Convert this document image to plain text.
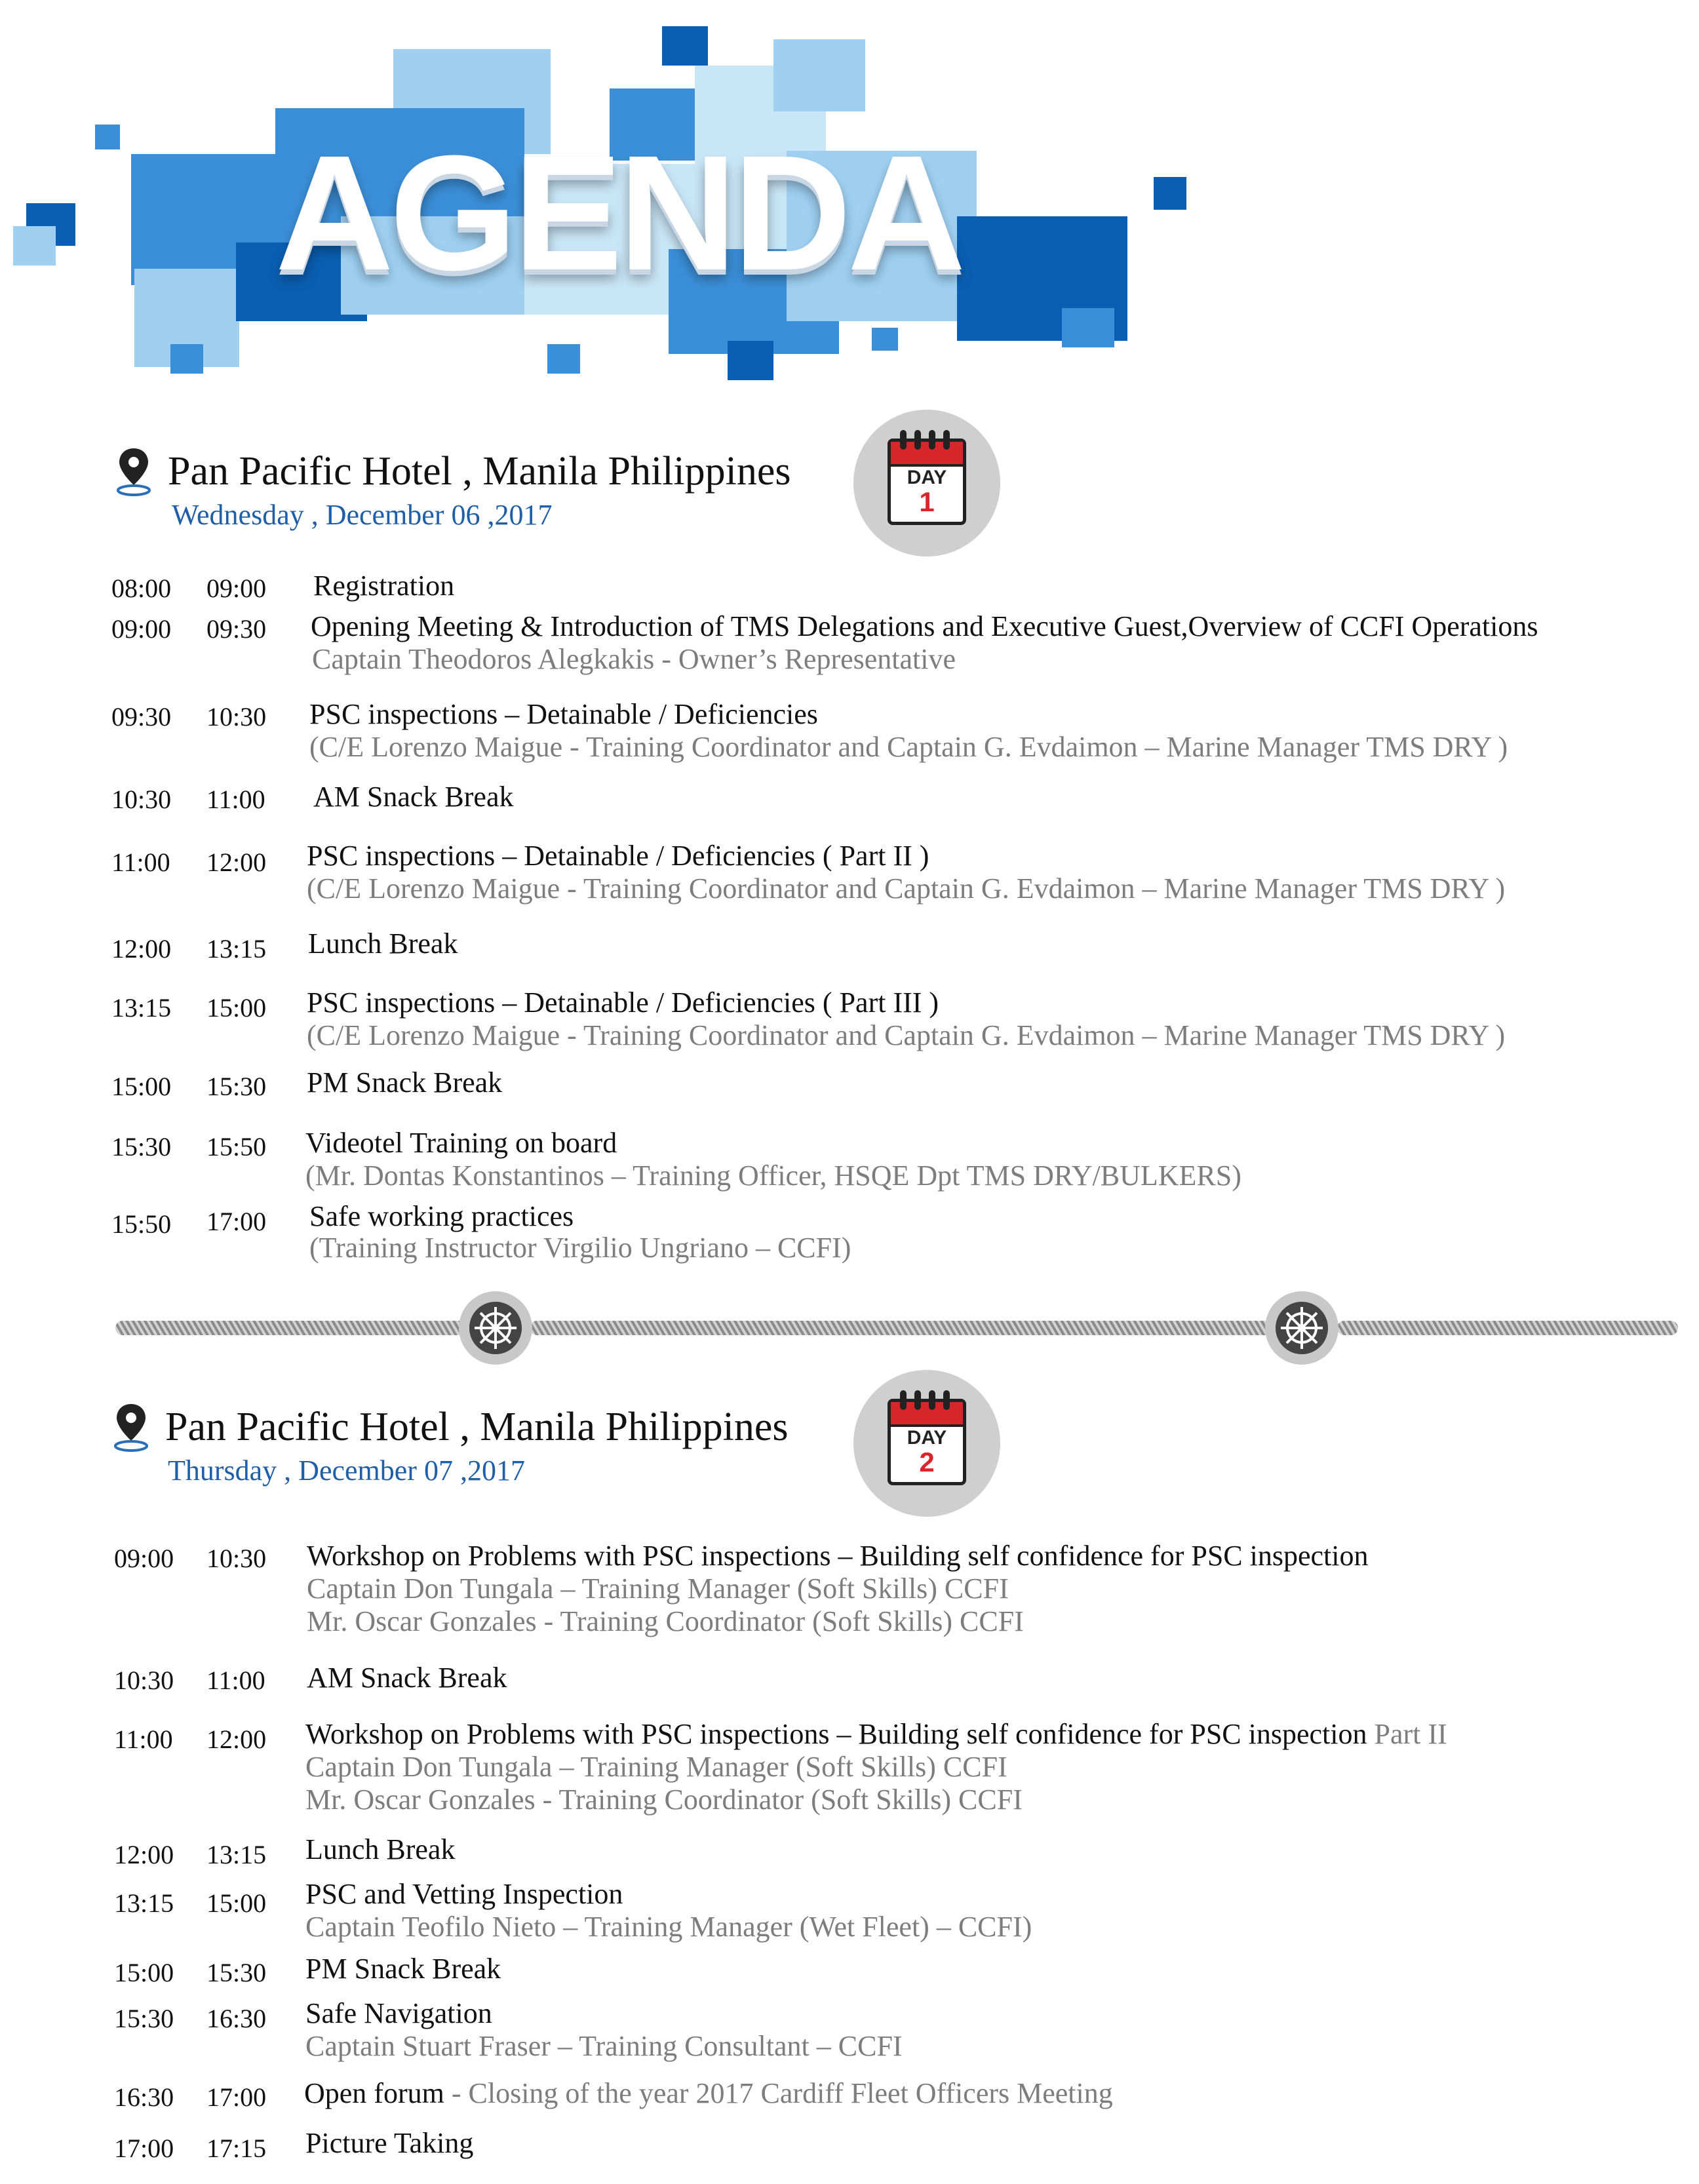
AGENDA
Pan Pacific Hotel , Manila Philippines
Wednesday , December 06 ,2017
DAY
1
08:00 09:00 Registration
09:00 09:30 Opening Meeting & Introduction of TMS Delegations and Executive Guest,Overview of CCFI Operations
Captain Theodoros Alegkakis - Owner’s Representative
09:30 10:30 PSC inspections – Detainable / Deficiencies
(C/E Lorenzo Maigue - Training Coordinator and Captain G. Evdaimon – Marine Manager TMS DRY )
10:30 11:00 AM Snack Break
11:00 12:00 PSC inspections – Detainable / Deficiencies ( Part II )
(C/E Lorenzo Maigue - Training Coordinator and Captain G. Evdaimon – Marine Manager TMS DRY )
12:00 13:15 Lunch Break
13:15 15:00 PSC inspections – Detainable / Deficiencies ( Part III )
(C/E Lorenzo Maigue - Training Coordinator and Captain G. Evdaimon – Marine Manager TMS DRY )
15:00 15:30 PM Snack Break
15:30 15:50 Videotel Training on board
(Mr. Dontas Konstantinos – Training Officer, HSQE Dpt TMS DRY/BULKERS)
15:50 17:00 Safe working practices
(Training Instructor Virgilio Ungriano – CCFI)
Pan Pacific Hotel , Manila Philippines
Thursday , December 07 ,2017
DAY
2
09:00 10:30 Workshop on Problems with PSC inspections – Building self confidence for PSC inspection
Captain Don Tungala – Training Manager (Soft Skills) CCFI
Mr. Oscar Gonzales - Training Coordinator (Soft Skills) CCFI
10:30 11:00 AM Snack Break
11:00 12:00 Workshop on Problems with PSC inspections – Building self confidence for PSC inspection Part II
Captain Don Tungala – Training Manager (Soft Skills) CCFI
Mr. Oscar Gonzales - Training Coordinator (Soft Skills) CCFI
12:00 13:15 Lunch Break
13:15 15:00 PSC and Vetting Inspection
Captain Teofilo Nieto – Training Manager (Wet Fleet) – CCFI)
15:00 15:30 PM Snack Break
15:30 16:30 Safe Navigation
Captain Stuart Fraser – Training Consultant – CCFI
16:30 17:00 Open forum - Closing of the year 2017 Cardiff Fleet Officers Meeting
17:00 17:15 Picture Taking
